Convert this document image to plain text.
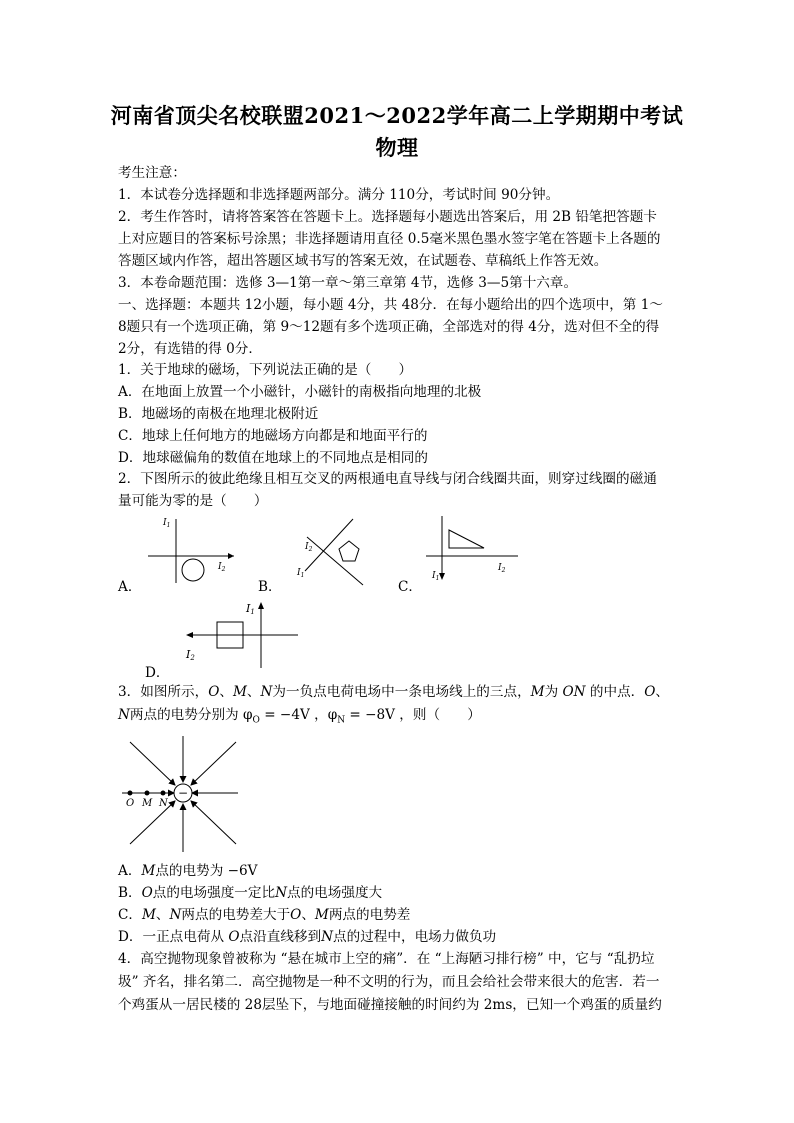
河南省顶尖名校联盟2021～2022学年高二上学期期中考试
物理
考生注意：
1．本试卷分选择题和非选择题两部分。满分 110分，考试时间 90分钟。
2．考生作答时，请将答案答在答题卡上。选择题每小题选出答案后，用 2B 铅笔把答题卡
上对应题目的答案标号涂黑；非选择题请用直径 0.5毫米黑色墨水签字笔在答题卡上各题的
答题区域内作答，超出答题区域书写的答案无效，在试题卷、草稿纸上作答无效。
3．本卷命题范围：选修 3—1第一章～第三章第 4节，选修 3—5第十六章。
一、选择题：本题共 12小题，每小题 4分，共 48分．在每小题给出的四个选项中，第 1～
8题只有一个选项正确，第 9～12题有多个选项正确，全部选对的得 4分，选对但不全的得
2分，有选错的得 0分．
1．关于地球的磁场，下列说法正确的是（　　）
A．在地面上放置一个小磁针，小磁针的南极指向地理的北极
B．地磁场的南极在地理北极附近
C．地球上任何地方的地磁场方向都是和地面平行的
D．地球磁偏角的数值在地球上的不同地点是相同的
2．下图所示的彼此绝缘且相互交叉的两根通电直导线与闭合线圈共面，则穿过线圈的磁通
量可能为零的是（　　）
A．
$I_1$
$I_2$
B．
$I_2$
$I_1$
C．
$I_1$
$I_2$
D．
I1
I2
3．如图所示，O、M、N为一负点电荷电场中一条电场线上的三点，M为 ON 的中点．O、
N两点的电势分别为 $\varphi_O = -4V$ ，$\varphi_N = -8V$ ，则（　　）
−
O M N
A．M点的电势为 −6V
B．O点的电场强度一定比N点的电场强度大
C．M、N两点的电势差大于O、M两点的电势差
D．一正点电荷从 O点沿直线移到N点的过程中，电场力做负功
4．高空抛物现象曾被称为 “悬在城市上空的痛”．在 “上海陋习排行榜” 中，它与 “乱扔垃
圾” 齐名，排名第二．高空抛物是一种不文明的行为，而且会给社会带来很大的危害．若一
个鸡蛋从一居民楼的 28层坠下，与地面碰撞接触的时间约为 2ms，已知一个鸡蛋的质量约
